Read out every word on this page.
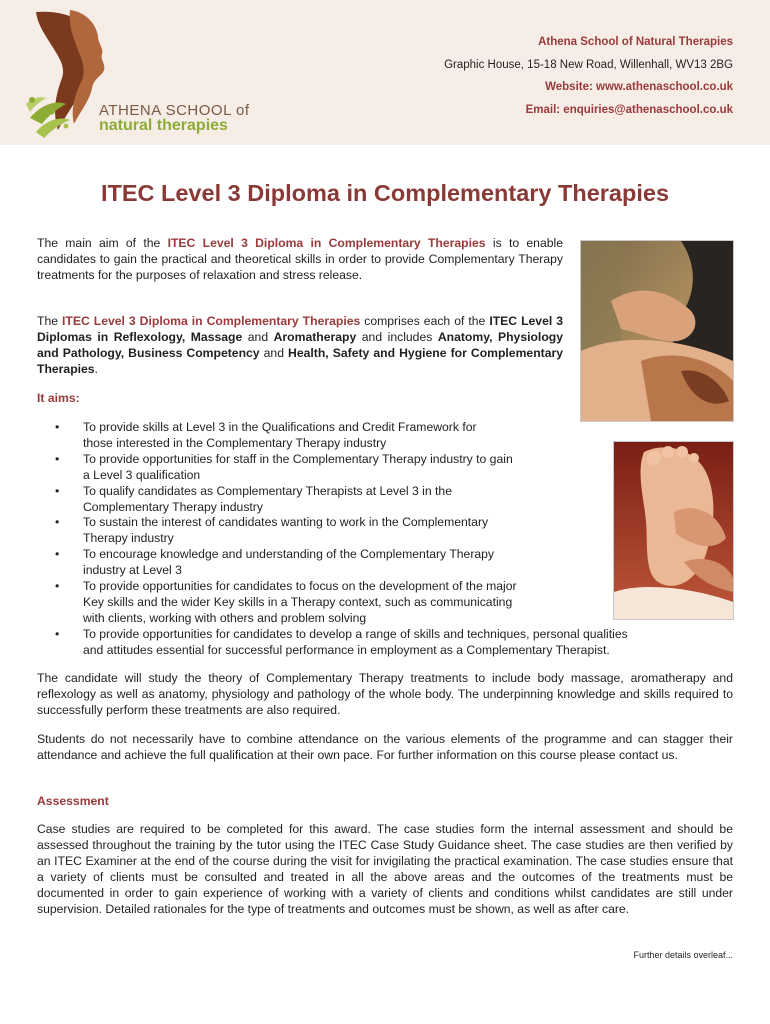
ATHENA SCHOOL of
natural therapies
Athena School of Natural Therapies
Graphic House, 15-18 New Road, Willenhall, WV13 2BG
Website: www.athenaschool.co.uk
Email: enquiries@athenaschool.co.uk
ITEC Level 3 Diploma in Complementary Therapies

The main aim of the ITEC Level 3 Diploma in Complementary Therapies is to enable candidates to gain the practical and theoretical skills in order to provide Complementary Therapy treatments for the purposes of relaxation and stress release.

The ITEC Level 3 Diploma in Complementary Therapies comprises each of the ITEC Level 3 Diplomas in Reflexology, Massage and Aromatherapy and includes Anatomy, Physiology and Pathology, Business Competency and Health, Safety and Hygiene for Complementary Therapies.

It aims:
• To provide skills at Level 3 in the Qualifications and Credit Framework for
those interested in the Complementary Therapy industry
• To provide opportunities for staff in the Complementary Therapy industry to gain
a Level 3 qualification
• To qualify candidates as Complementary Therapists at Level 3 in the
Complementary Therapy industry
• To sustain the interest of candidates wanting to work in the Complementary
Therapy industry
• To encourage knowledge and understanding of the Complementary Therapy
industry at Level 3
• To provide opportunities for candidates to focus on the development of the major
Key skills and the wider Key skills in a Therapy context, such as communicating
with clients, working with others and problem solving
• To provide opportunities for candidates to develop a range of skills and techniques, personal qualities
and attitudes essential for successful performance in employment as a Complementary Therapist.

The candidate will study the theory of Complementary Therapy treatments to include body massage, aromatherapy and reflexology as well as anatomy, physiology and pathology of the whole body. The underpinning knowledge and skills required to successfully perform these treatments are also required.

Students do not necessarily have to combine attendance on the various elements of the programme and can stagger their attendance and achieve the full qualification at their own pace. For further information on this course please contact us.

Assessment

Case studies are required to be completed for this award. The case studies form the internal assessment and should be assessed throughout the training by the tutor using the ITEC Case Study Guidance sheet. The case studies are then verified by an ITEC Examiner at the end of the course during the visit for invigilating the practical examination. The case studies ensure that a variety of clients must be consulted and treated in all the above areas and the outcomes of the treatments must be documented in order to gain experience of working with a variety of clients and conditions whilst candidates are still under supervision. Detailed rationales for the type of treatments and outcomes must be shown, as well as after care.

Further details overleaf...
